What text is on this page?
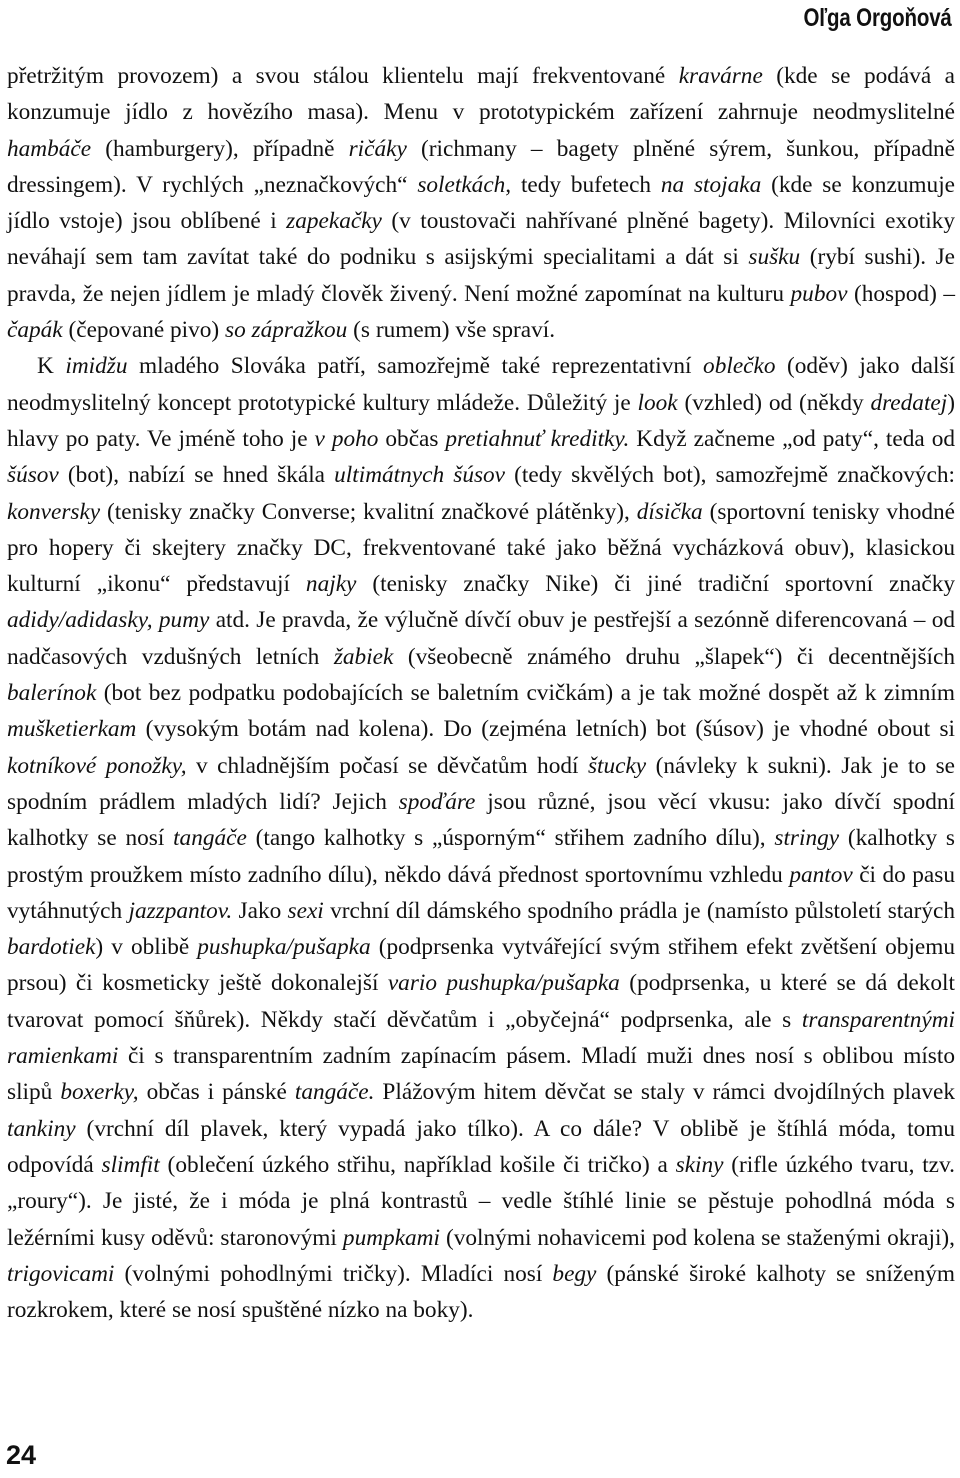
Oľga Orgoňová

přetržitým provozem) a svou stálou klientelu mají frekventované kravárne (kde se podává a konzumuje jídlo z hovězího masa). Menu v prototypickém zařízení zahrnuje neodmyslitelné hambáče (hamburgery), případně ričáky (richmany – bagety plněné sýrem, šunkou, případně dressingem). V rychlých „neznačkových“ soletkách, tedy bufetech na stojaka (kde se konzumuje jídlo vstoje) jsou oblíbené i zapekačky (v toustovači nahřívané plněné bagety). Milovníci exotiky neváhají sem tam zavítat také do podniku s asijskými specialitami a dát si sušku (rybí sushi). Je pravda, že nejen jídlem je mladý člověk živený. Není možné zapomínat na kulturu pubov (hospod) – čapák (čepované pivo) so zápražkou (s rumem) vše spraví.

K imidžu mladého Slováka patří, samozřejmě také reprezentativní oblečko (oděv) jako další neodmyslitelný koncept prototypické kultury mládeže. Důležitý je look (vzhled) od (někdy dredatej) hlavy po paty. Ve jméně toho je v poho občas pretiahnuť kreditky. Když začneme „od paty“, teda od šúsov (bot), nabízí se hned škála ultimátnych šúsov (tedy skvělých bot), samozřejmě značkových: konversky (tenisky značky Converse; kvalitní značkové plátěnky), dísička (sportovní tenisky vhodné pro hopery či skejtery značky DC, frekventované také jako běžná vycházková obuv), klasickou kulturní „ikonu“ představují najky (tenisky značky Nike) či jiné tradiční sportovní značky adidy/adidasky, pumy atd. Je pravda, že výlučně dívčí obuv je pestřejší a sezónně diferencovaná – od nadčasových vzdušných letních žabiek (všeobecně známého druhu „šlapek“) či decentnějších balerínok (bot bez podpatku podobajících se baletním cvičkám) a je tak možné dospět až k zimním mušketierkam (vysokým botám nad kolena). Do (zejména letních) bot (šúsov) je vhodné obout si kotníkové ponožky, v chladnějším počasí se děvčatům hodí štucky (návleky k sukni). Jak je to se spodním prádlem mladých lidí? Jejich spoďáre jsou různé, jsou věcí vkusu: jako dívčí spodní kalhotky se nosí tangáče (tango kalhotky s „úsporným“ střihem zadního dílu), stringy (kalhotky s prostým proužkem místo zadního dílu), někdo dává přednost sportovnímu vzhledu pantov či do pasu vytáhnutých jazzpantov. Jako sexi vrchní díl dámského spodního prádla je (namísto půlstoletí starých bardotiek) v oblibě pushupka/pušapka (podprsenka vytvářející svým střihem efekt zvětšení objemu prsou) či kosmeticky ještě dokonalejší vario pushupka/pušapka (podprsenka, u které se dá dekolt tvarovat pomocí šňůrek). Někdy stačí děvčatům i „obyčejná“ podprsenka, ale s transparentnými ramienkami či s transparentním zadním zapínacím pásem. Mladí muži dnes nosí s oblibou místo slipů boxerky, občas i pánské tangáče. Plážovým hitem děvčat se staly v rámci dvojdílných plavek tankiny (vrchní díl plavek, který vypadá jako tílko). A co dále? V oblibě je štíhlá móda, tomu odpovídá slimfit (oblečení úzkého střihu, například košile či tričko) a skiny (rifle úzkého tvaru, tzv. „roury“). Je jisté, že i móda je plná kontrastů – vedle štíhlé linie se pěstuje pohodlná móda s ležérními kusy oděvů: staronovými pumpkami (volnými nohavicemi pod kolena se staženými okraji), trigovicami (volnými pohodlnými tričky). Mladíci nosí begy (pánské široké kalhoty se sníženým rozkrokem, které se nosí spuštěné nízko na boky).

24
